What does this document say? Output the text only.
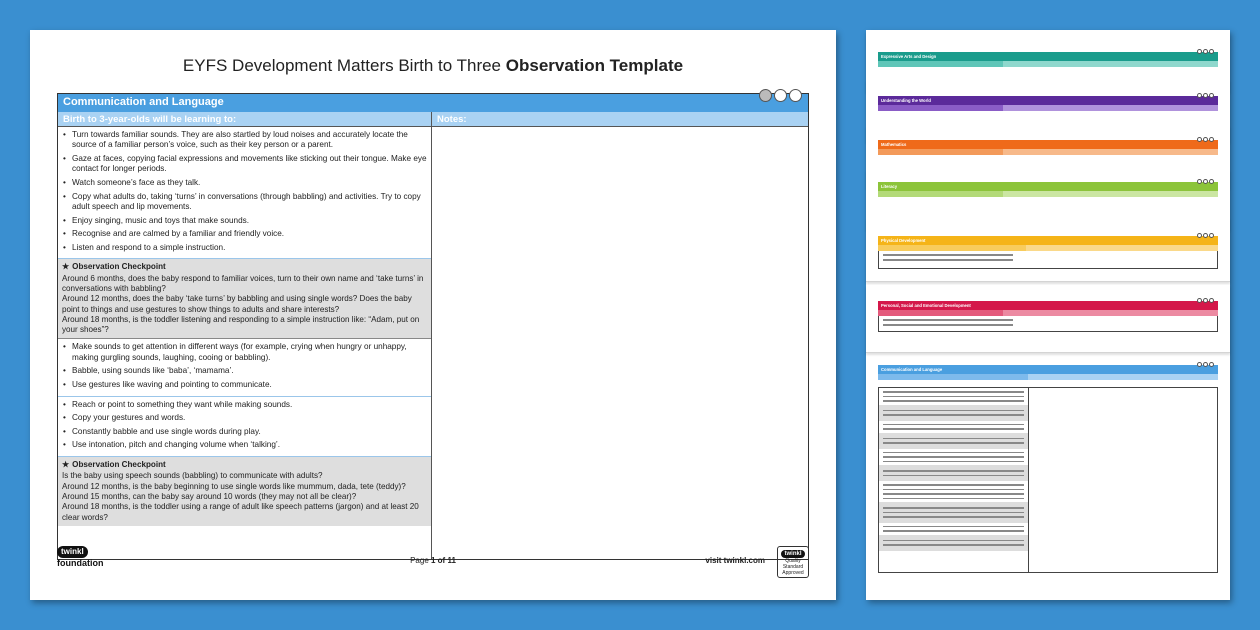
EYFS Development Matters Birth to Three Observation Template
Communication and Language
Birth to 3-year-olds will be learning to:	Notes:
• Turn towards familiar sounds. They are also startled by loud noises and accurately locate the source of a familiar person’s voice, such as their key person or a parent.
• Gaze at faces, copying facial expressions and movements like sticking out their tongue. Make eye contact for longer periods.
• Watch someone’s face as they talk.
• Copy what adults do, taking ‘turns’ in conversations (through babbling) and activities. Try to copy adult speech and lip movements.
• Enjoy singing, music and toys that make sounds.
• Recognise and are calmed by a familiar and friendly voice.
• Listen and respond to a simple instruction.
★ Observation Checkpoint
Around 6 months, does the baby respond to familiar voices, turn to their own name and ‘take turns’ in conversations with babbling?
Around 12 months, does the baby ‘take turns’ by babbling and using single words? Does the baby point to things and use gestures to show things to adults and share interests?
Around 18 months, is the toddler listening and responding to a simple instruction like: “Adam, put on your shoes”?
• Make sounds to get attention in different ways (for example, crying when hungry or unhappy, making gurgling sounds, laughing, cooing or babbling).
• Babble, using sounds like ‘baba’, ‘mamama’.
• Use gestures like waving and pointing to communicate.
• Reach or point to something they want while making sounds.
• Copy your gestures and words.
• Constantly babble and use single words during play.
• Use intonation, pitch and changing volume when ‘talking’.
★ Observation Checkpoint
Is the baby using speech sounds (babbling) to communicate with adults?
Around 12 months, is the baby beginning to use single words like mummum, dada, tete (teddy)?
Around 15 months, can the baby say around 10 words (they may not all be clear)?
Around 18 months, is the toddler using a range of adult like speech patterns (jargon) and at least 20 clear words?
twinkl
foundation	Page 1 of 11	visit twinkl.com
twinkl
Quality Standard Approved
Expressive Arts and Design
Understanding the World
Mathematics
Literacy
Physical Development
Personal, Social and Emotional Development
Communication and Language
